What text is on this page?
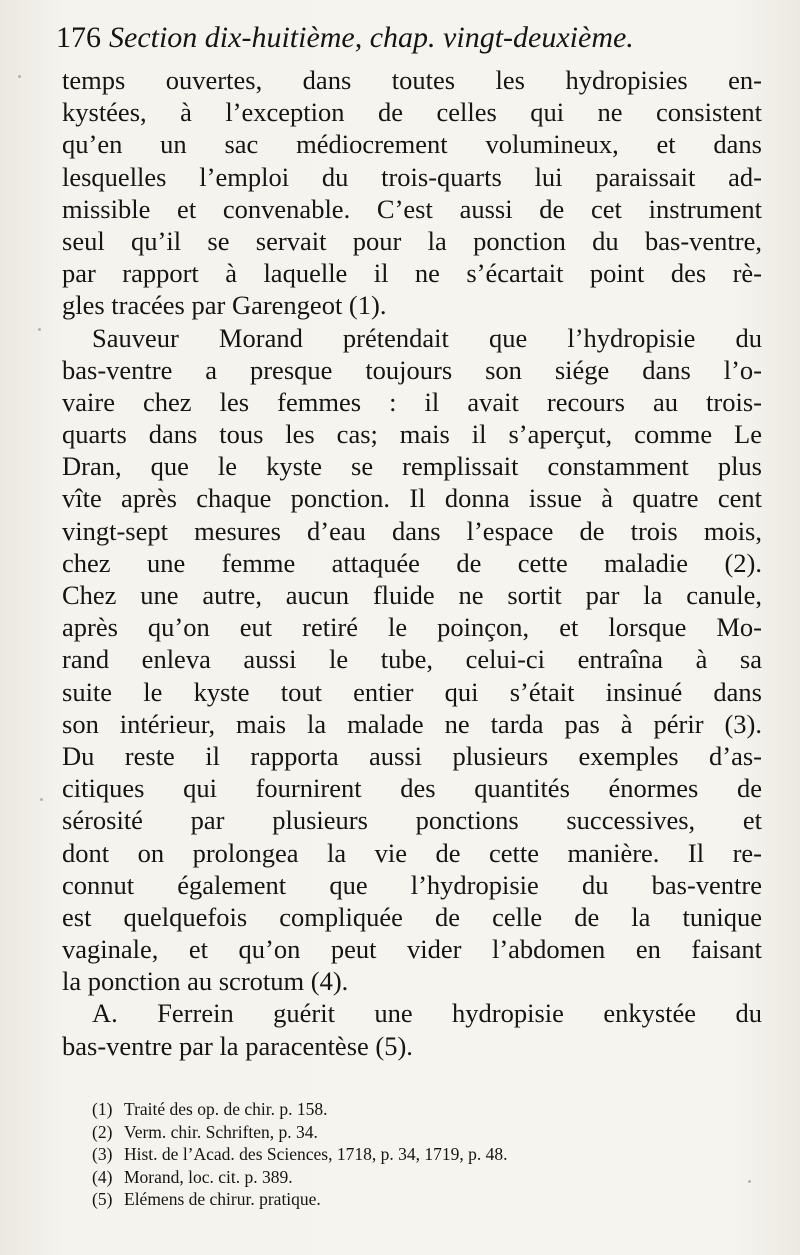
176 Section dix-huitième, chap. vingt-deuxième.
temps ouvertes, dans toutes les hydropisies en-
kystées, à l’exception de celles qui ne consistent
qu’en un sac médiocrement volumineux, et dans
lesquelles l’emploi du trois-quarts lui paraissait ad-
missible et convenable. C’est aussi de cet instrument
seul qu’il se servait pour la ponction du bas-ventre,
par rapport à laquelle il ne s’écartait point des rè-
gles tracées par Garengeot (1).
Sauveur Morand prétendait que l’hydropisie du
bas-ventre a presque toujours son siége dans l’o-
vaire chez les femmes : il avait recours au trois-
quarts dans tous les cas; mais il s’aperçut, comme Le
Dran, que le kyste se remplissait constamment plus
vîte après chaque ponction. Il donna issue à quatre cent
vingt-sept mesures d’eau dans l’espace de trois mois,
chez une femme attaquée de cette maladie (2).
Chez une autre, aucun fluide ne sortit par la canule,
après qu’on eut retiré le poinçon, et lorsque Mo-
rand enleva aussi le tube, celui-ci entraîna à sa
suite le kyste tout entier qui s’était insinué dans
son intérieur, mais la malade ne tarda pas à périr (3).
Du reste il rapporta aussi plusieurs exemples d’as-
citiques qui fournirent des quantités énormes de
sérosité par plusieurs ponctions successives, et
dont on prolongea la vie de cette manière. Il re-
connut également que l’hydropisie du bas-ventre
est quelquefois compliquée de celle de la tunique
vaginale, et qu’on peut vider l’abdomen en faisant
la ponction au scrotum (4).
A. Ferrein guérit une hydropisie enkystée du
bas-ventre par la paracentèse (5).
(1) Traité des op. de chir. p. 158.
(2) Verm. chir. Schriften, p. 34.
(3) Hist. de l’Acad. des Sciences, 1718, p. 34, 1719, p. 48.
(4) Morand, loc. cit. p. 389.
(5) Elémens de chirur. pratique.
